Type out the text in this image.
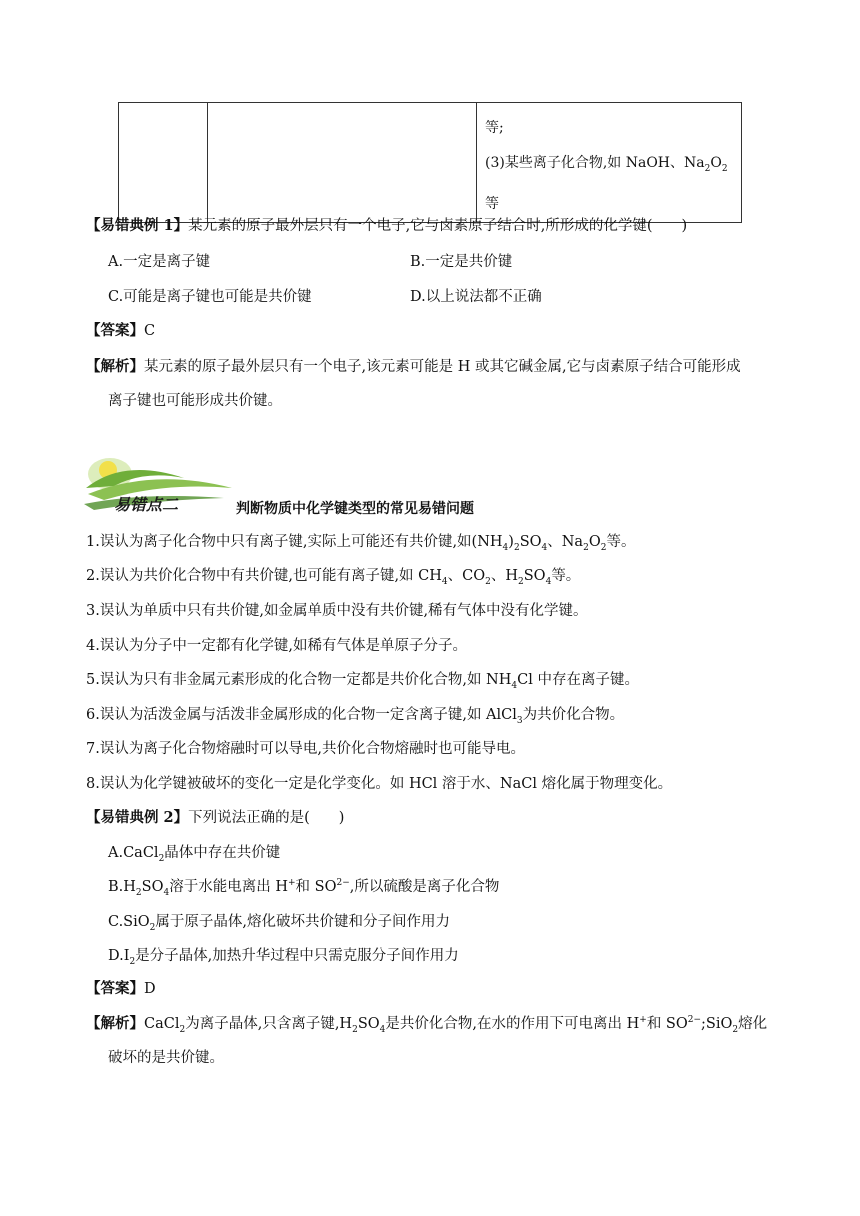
等;
(3)某些离子化合物,如 NaOH、$Na_2O_2$
等
【易错典例 1】某元素的原子最外层只有一个电子,它与卤素原子结合时,所形成的化学键(　　)
A.一定是离子键	B.一定是共价键
C.可能是离子键也可能是共价键	D.以上说法都不正确
【答案】C
【解析】某元素的原子最外层只有一个电子,该元素可能是 H 或其它碱金属,它与卤素原子结合可能形成
离子键也可能形成共价键。
易错点二	判断物质中化学键类型的常见易错问题
1.误认为离子化合物中只有离子键,实际上可能还有共价键,如$(NH_4)_2SO_4$、$Na_2O_2$等。
2.误认为共价化合物中有共价键,也可能有离子键,如 $CH_4$、$CO_2$、$H_2SO_4$等。
3.误认为单质中只有共价键,如金属单质中没有共价键,稀有气体中没有化学键。
4.误认为分子中一定都有化学键,如稀有气体是单原子分子。
5.误认为只有非金属元素形成的化合物一定都是共价化合物,如 $NH_4Cl$ 中存在离子键。
6.误认为活泼金属与活泼非金属形成的化合物一定含离子键,如 AlCl$_3$为共价化合物。
7.误认为离子化合物熔融时可以导电,共价化合物熔融时也可能导电。
8.误认为化学键被破坏的变化一定是化学变化。如 HCl 溶于水、NaCl 熔化属于物理变化。
【易错典例 2】下列说法正确的是(　　)
A.CaCl$_2$晶体中存在共价键
$B.H_2SO_4$溶于水能电离出 H+和 $SO^{2-}$,所以硫酸是离子化合物
C.SiO$_2$属于原子晶体,熔化破坏共价键和分子间作用力
$D.I_2$是分子晶体,加热升华过程中只需克服分子间作用力
【答案】D
【解析】CaCl$_2$为离子晶体,只含离子键$,H_2SO_4$是共价化合物,在水的作用下可电离出 H+和 $SO^{2-};SiO_2$熔化
破坏的是共价键。
